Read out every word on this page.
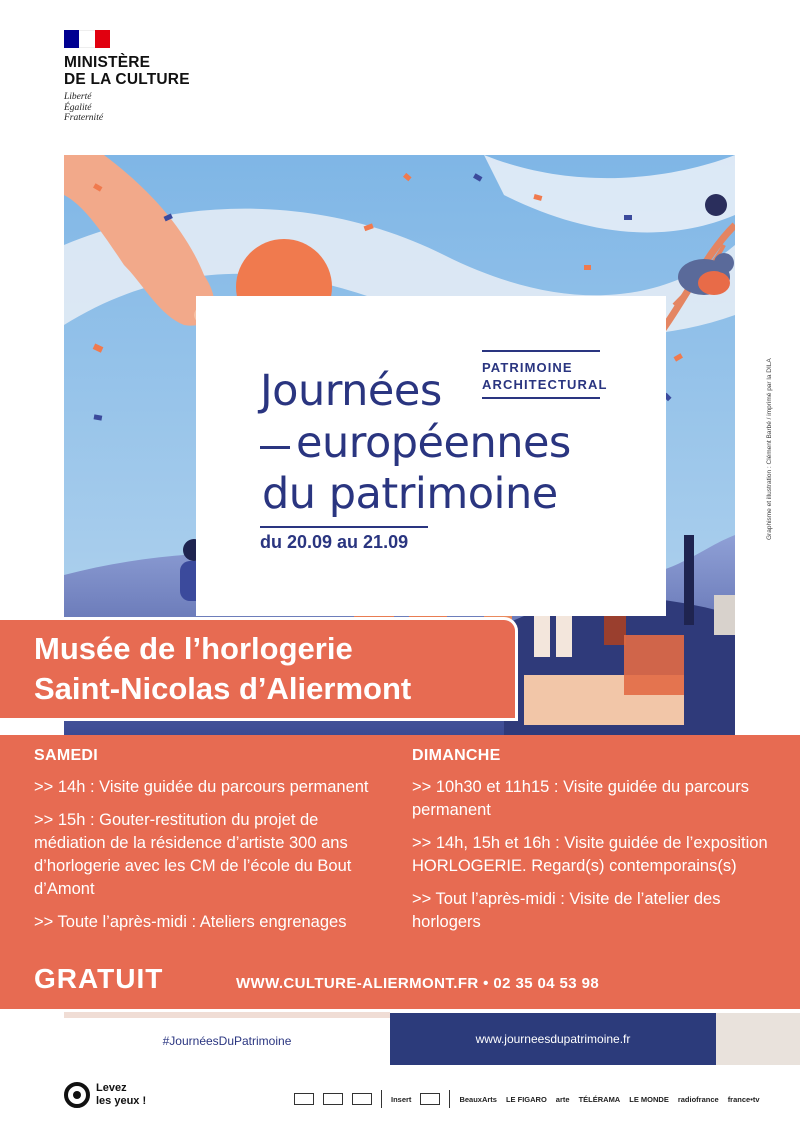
MINISTÈRE
DE LA CULTURE
Liberté
Égalité
Fraternité
Graphisme et illustration : Clément Barbé / imprimé par la DILA
PATRIMOINE
ARCHITECTURAL
Journées
européennes
du patrimoine
du 20.09 au 21.09
Musée de l’horlogerie
Saint-Nicolas d’Aliermont
SAMEDI
>> 14h : Visite guidée du parcours permanent
>> 15h : Gouter-restitution du projet de médiation de la résidence d’artiste 300 ans d’horlogerie avec les CM de l’école du Bout d’Amont
>> Toute l’après-midi : Ateliers engrenages
DIMANCHE
>> 10h30 et 11h15 : Visite guidée du parcours permanent
>> 14h, 15h et 16h : Visite guidée de l’exposition HORLOGERIE. Regard(s) contemporains(s)
>> Tout l’après-midi : Visite de l’atelier des horlogers
GRATUIT	WWW.CULTURE-ALIERMONT.FR • 02 35 04 53 98
#JournéesDuPatrimoine	www.journeesdupatrimoine.fr
Levez
les yeux !	Insert	BeauxArts LE FIGARO arte TÉLÉRAMA LE MONDE radiofrance france•tv
